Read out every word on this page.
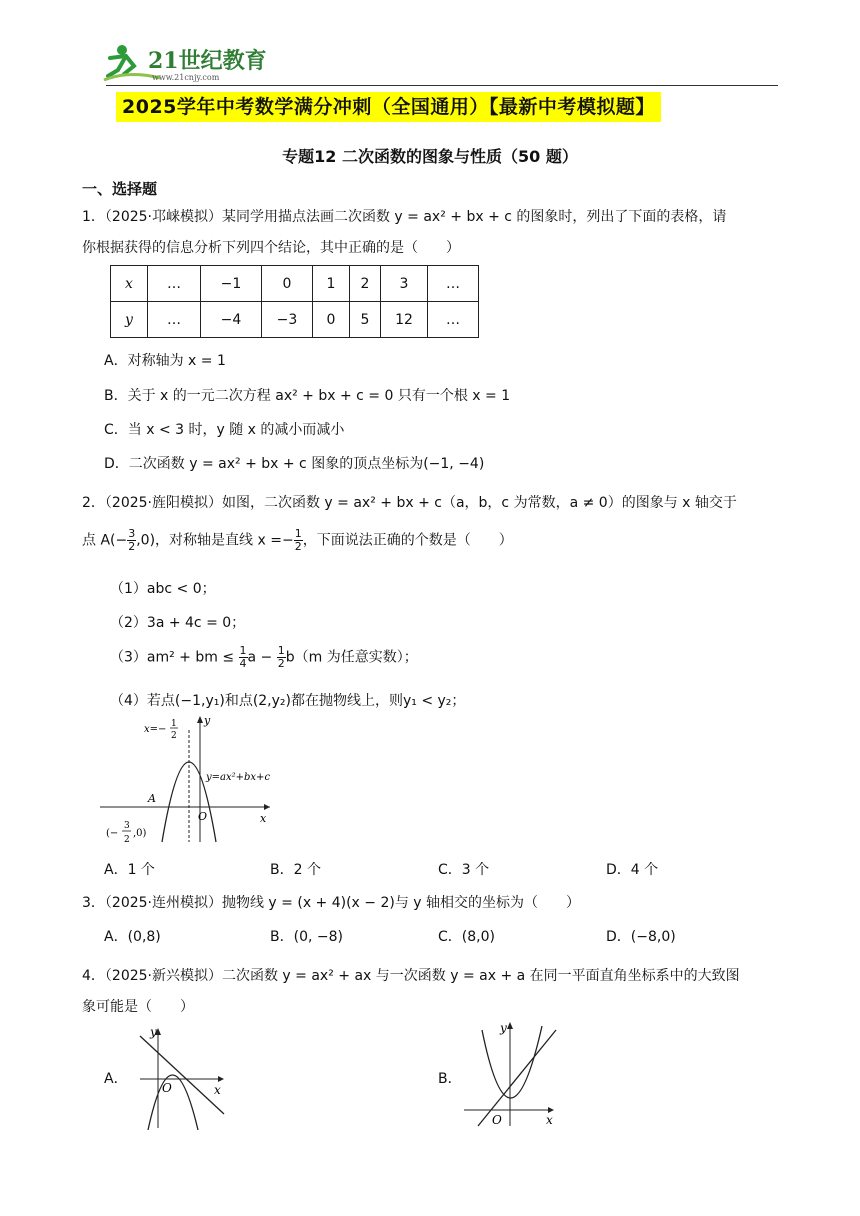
21世纪教育
www.21cnjy.com
2025学年中考数学满分冲刺（全国通用）【最新中考模拟题】
专题12 二次函数的图象与性质（50 题）
一、选择题
1．（2025·邛崃模拟）某同学用描点法画二次函数 y = ax² + bx + c 的图象时，列出了下面的表格，请
你根据获得的信息分析下列四个结论，其中正确的是（　　）
x	…	−1	0	1	2	3	…
y	…	−4	−3	0	5	12	…
A．对称轴为 x = 1
B．关于 x 的一元二次方程 ax² + bx + c = 0 只有一个根 x = 1
C．当 x < 3 时，y 随 x 的减小而减小
D．二次函数 y = ax² + bx + c 图象的顶点坐标为(−1, −4)
2．（2025·旌阳模拟）如图，二次函数 y = ax² + bx + c（a，b，c 为常数，a ≠ 0）的图象与 x 轴交于
点 $A(- \frac{3}{2} ,0)$，对称轴是直线 $x =- \frac{1}{2}$ ，下面说法正确的个数是（　　）
（1）abc < 0；
（2）3a + 4c = 0；
（3）am² + bm ≤ $\frac{1}{4}$ $a - \frac{1}{2} b(m$ 为任意实数）；
（4）若点(−1,y₁)和点(2,y₂)都在抛物线上，则y₁ < y₂；
x=− 1
2
y
x
y=ax²+bx+c
A
O
(−
3
2
,0)
A．1 个	B．2 个	C．3 个	D．4 个
3．（2025·连州模拟）抛物线 y = (x + 4)(x − 2)与 y 轴相交的坐标为（　　）
A．(0,8)	B．(0, −8)	C．(8,0)	D．(−8,0)
4．（2025·新兴模拟）二次函数 y = ax² + ax 与一次函数 y = ax + a 在同一平面直角坐标系中的大致图
象可能是（　　）
A．
y
x
O
B．
y
x
O
